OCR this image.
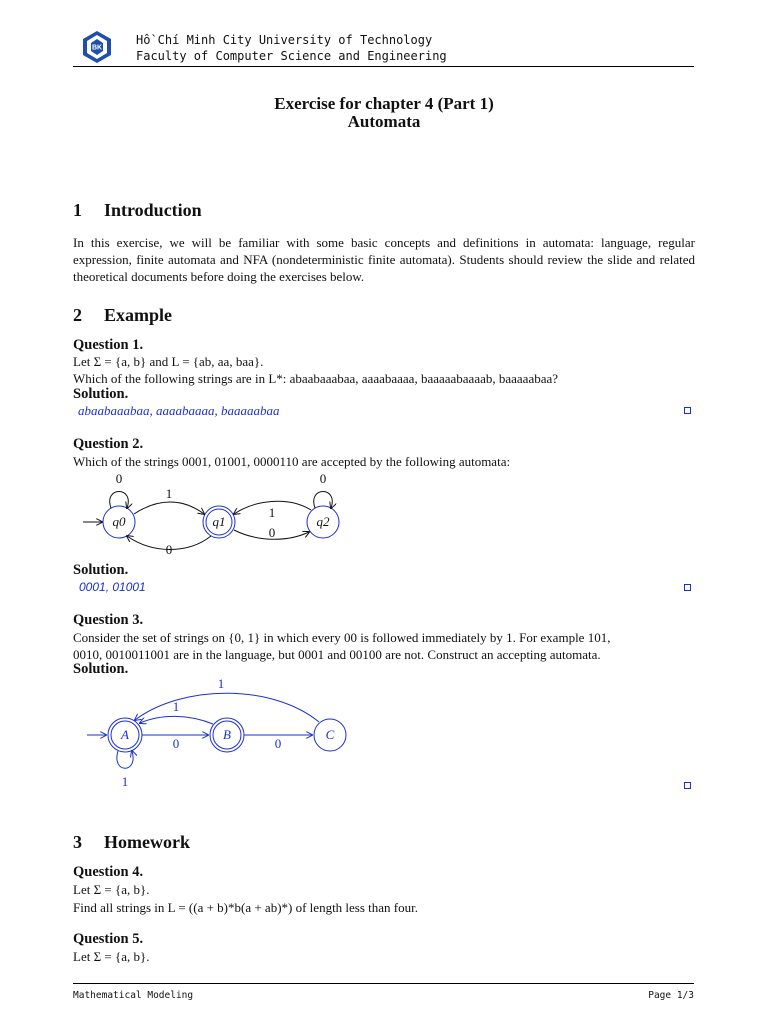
BK
Hồ Chí Minh City University of Technology
Faculty of Computer Science and Engineering
Exercise for chapter 4 (Part 1)
Automata
1 Introduction
In this exercise, we will be familiar with some basic concepts and definitions in automata: language, regular expression, finite automata and NFA (nondeterministic finite automata). Students should review the slide and related theoretical documents before doing the exercises below.
2 Example
Question 1.
Let Σ = {a, b} and L = {ab, aa, baa}.
Which of the following strings are in L*: abaabaaabaa, aaaabaaaa, baaaaabaaaab, baaaaabaa?
Solution.
abaabaaabaa, aaaabaaaa, baaaaabaa
Question 2.
Which of the strings 0001, 01001, 0000110 are accepted by the following automata:
q0	q1	q2
0
1
0
0
1
0
Solution.
0001, 01001
Question 3.
Consider the set of strings on {0, 1} in which every 00 is followed immediately by 1. For example 101,
0010, 0010011001 are in the language, but 0001 and 00100 are not. Construct an accepting automata.
Solution.
A	B	C
0	0
1
1
1
3 Homework
Question 4.
Let Σ = {a, b}.
Find all strings in L = ((a + b)*b(a + ab)*) of length less than four.
Question 5.
Let Σ = {a, b}.
Mathematical Modeling	Page 1/3
